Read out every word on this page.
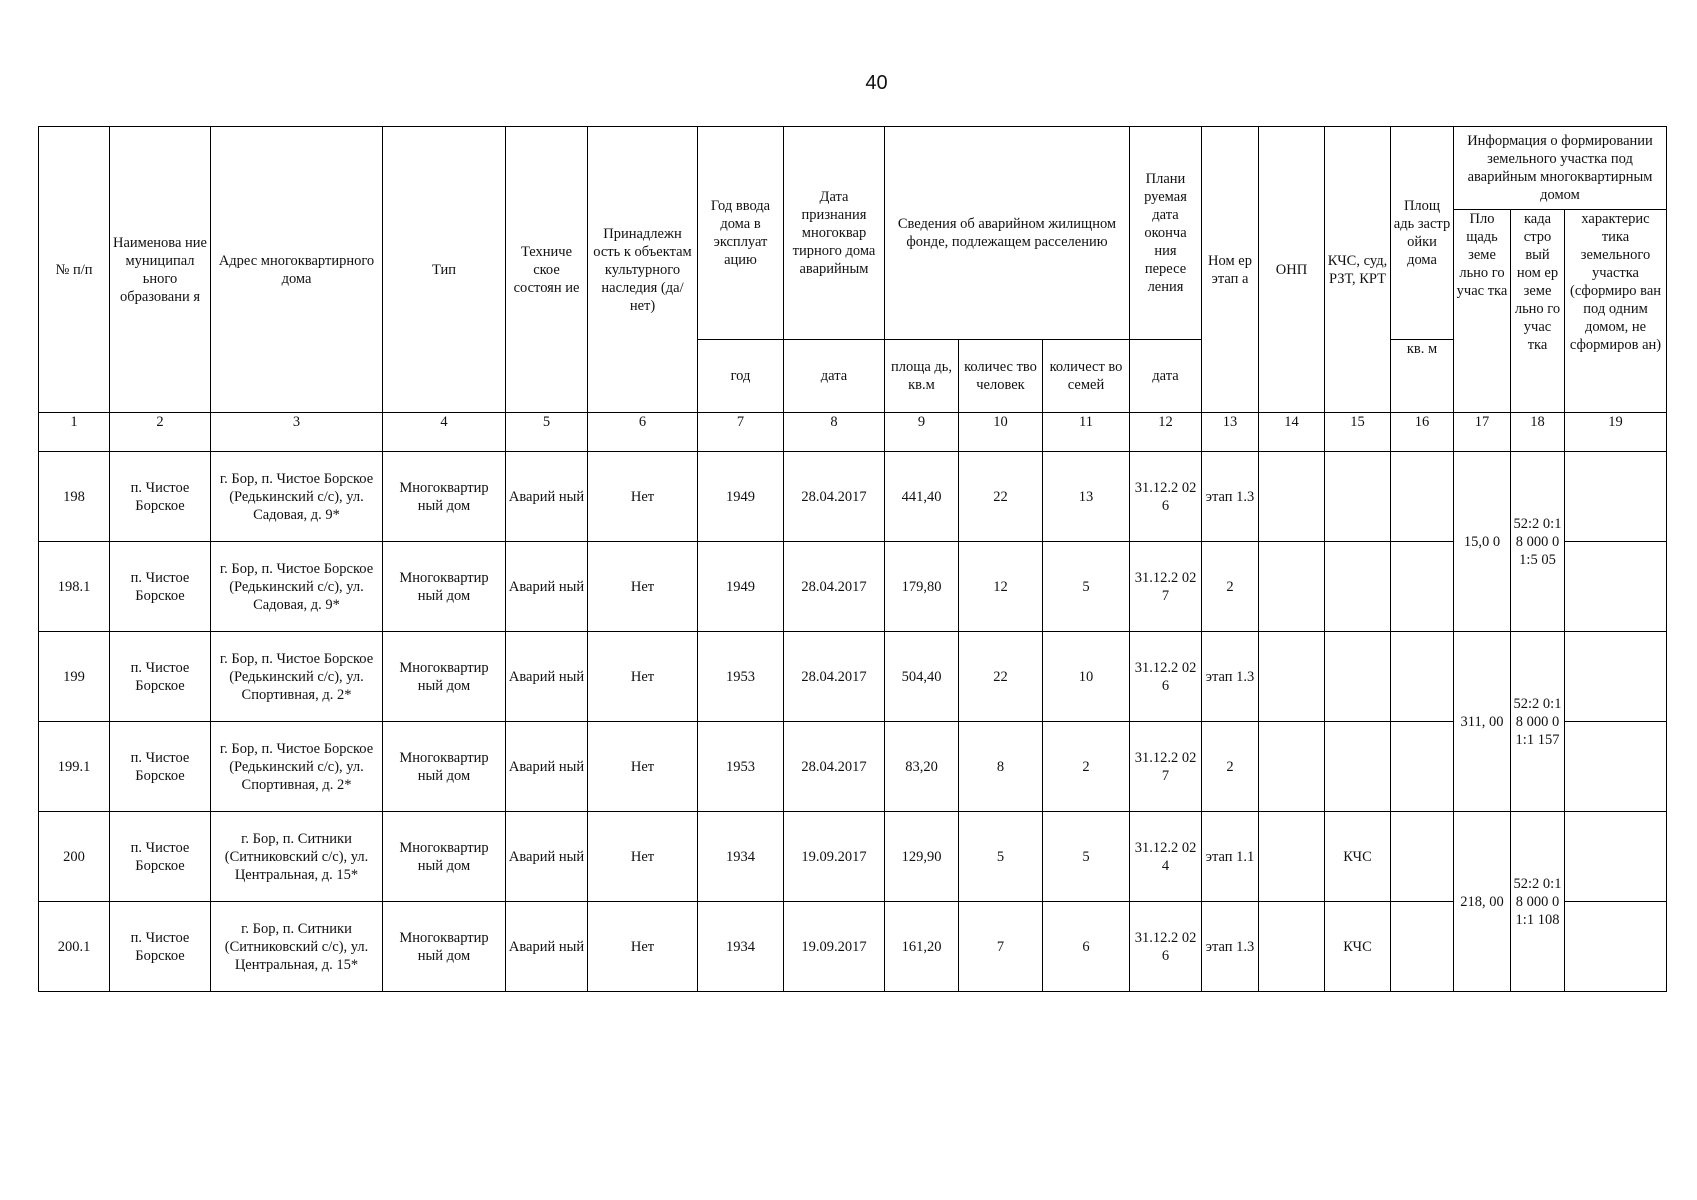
40
№ п/п	Наименова ние муниципал ьного образовани я	Адрес многоквартирного дома	Тип	Техниче ское состоян ие	Принадлежн ость к объектам культурного наследия (да/нет)	Год ввода дома в эксплуат ацию	Дата признания многоквар тирного дома аварийным	Сведения об аварийном жилищном фонде, подлежащем расселению			Плани руемая дата оконча ния пересе ления	Ном ер этап а	ОНП	КЧС, суд, РЗТ, КРТ	Площ адь застр ойки дома	Информация о формировании земельного участка под аварийным многоквартирным домом		
																Пло щадь земе льно го учас тка	када стро вый ном ер земе льно го учас тка	характерис тика земельного участка (сформиро ван под одним домом, не сформиров ан)
						год	дата	площа дь, кв.м	количес тво человек	количест во семей	дата				кв. м			
1	2	3	4	5	6	7	8	9	10	11	12	13	14	15	16	17	18	19
198	п. Чистое Борское	г. Бор, п. Чистое Борское (Редькинский с/с), ул. Садовая, д. 9*	Многоквартир ный дом	Аварий ный	Нет	1949	28.04.2017	441,40	22	13	31.12.2 026	этап 1.3				15,0 0	52:2 0:18 000 01:5 05	
198.1	п. Чистое Борское	г. Бор, п. Чистое Борское (Редькинский с/с), ул. Садовая, д. 9*	Многоквартир ный дом	Аварий ный	Нет	1949	28.04.2017	179,80	12	5	31.12.2 027	2						
199	п. Чистое Борское	г. Бор, п. Чистое Борское (Редькинский с/с), ул. Спортивная, д. 2*	Многоквартир ный дом	Аварий ный	Нет	1953	28.04.2017	504,40	22	10	31.12.2 026	этап 1.3				311, 00	52:2 0:18 000 01:1 157	
199.1	п. Чистое Борское	г. Бор, п. Чистое Борское (Редькинский с/с), ул. Спортивная, д. 2*	Многоквартир ный дом	Аварий ный	Нет	1953	28.04.2017	83,20	8	2	31.12.2 027	2						
200	п. Чистое Борское	г. Бор, п. Ситники (Ситниковский с/с), ул. Центральная, д. 15*	Многоквартир ный дом	Аварий ный	Нет	1934	19.09.2017	129,90	5	5	31.12.2 024	этап 1.1		КЧС		218, 00	52:2 0:18 000 01:1 108	
200.1	п. Чистое Борское	г. Бор, п. Ситники (Ситниковский с/с), ул. Центральная, д. 15*	Многоквартир ный дом	Аварий ный	Нет	1934	19.09.2017	161,20	7	6	31.12.2 026	этап 1.3		КЧС				
